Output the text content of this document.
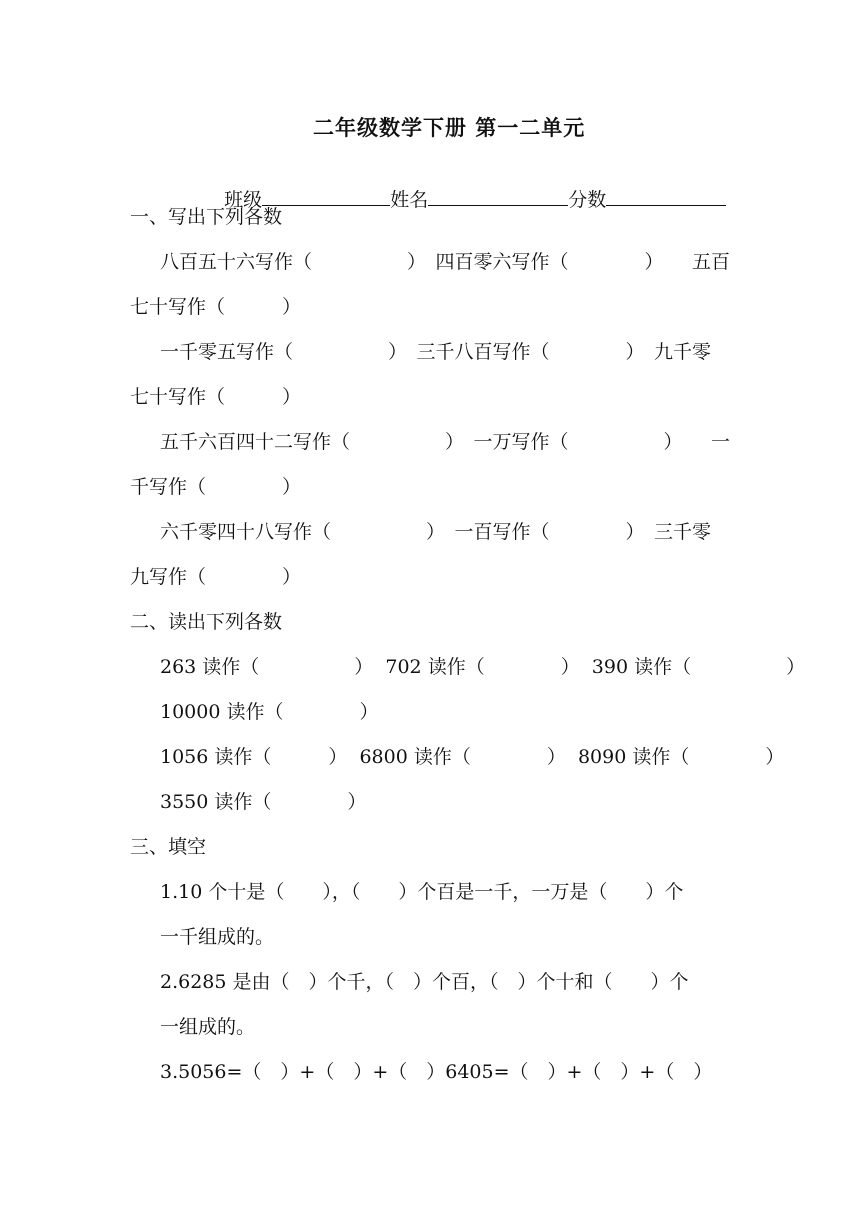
二年级数学下册 第一二单元

班级	姓名	分数

一、写出下列各数
八百五十六写作（　　　　　）　四百零六写作（　　　　）　　五百
七十写作（　　　）
一千零五写作（　　　　　）　三千八百写作（　　　　）　九千零
七十写作（　　　）
五千六百四十二写作（　　　　　）　一万写作（　　　　　）　　一
千写作（　　　　）
六千零四十八写作（　　　　　）　一百写作（　　　　）　三千零
九写作（　　　　）
二、读出下列各数
263 读作（　　　　　）  702 读作（　　　　）  390 读作（　　　　　）
10000 读作（　　　　）
1056 读作（　　　）  6800 读作（　　　　）  8090 读作（　　　　）
3550 读作（　　　　）
三、填空
1.10 个十是（　　），（　　）个百是一千，一万是（　　）个
一千组成的。
2.6285 是由（　）个千，（　）个百，（　）个十和（　　）个
一组成的。
3.5056=（　）+（　）+（　）6405=（　）+（　）+（　）
